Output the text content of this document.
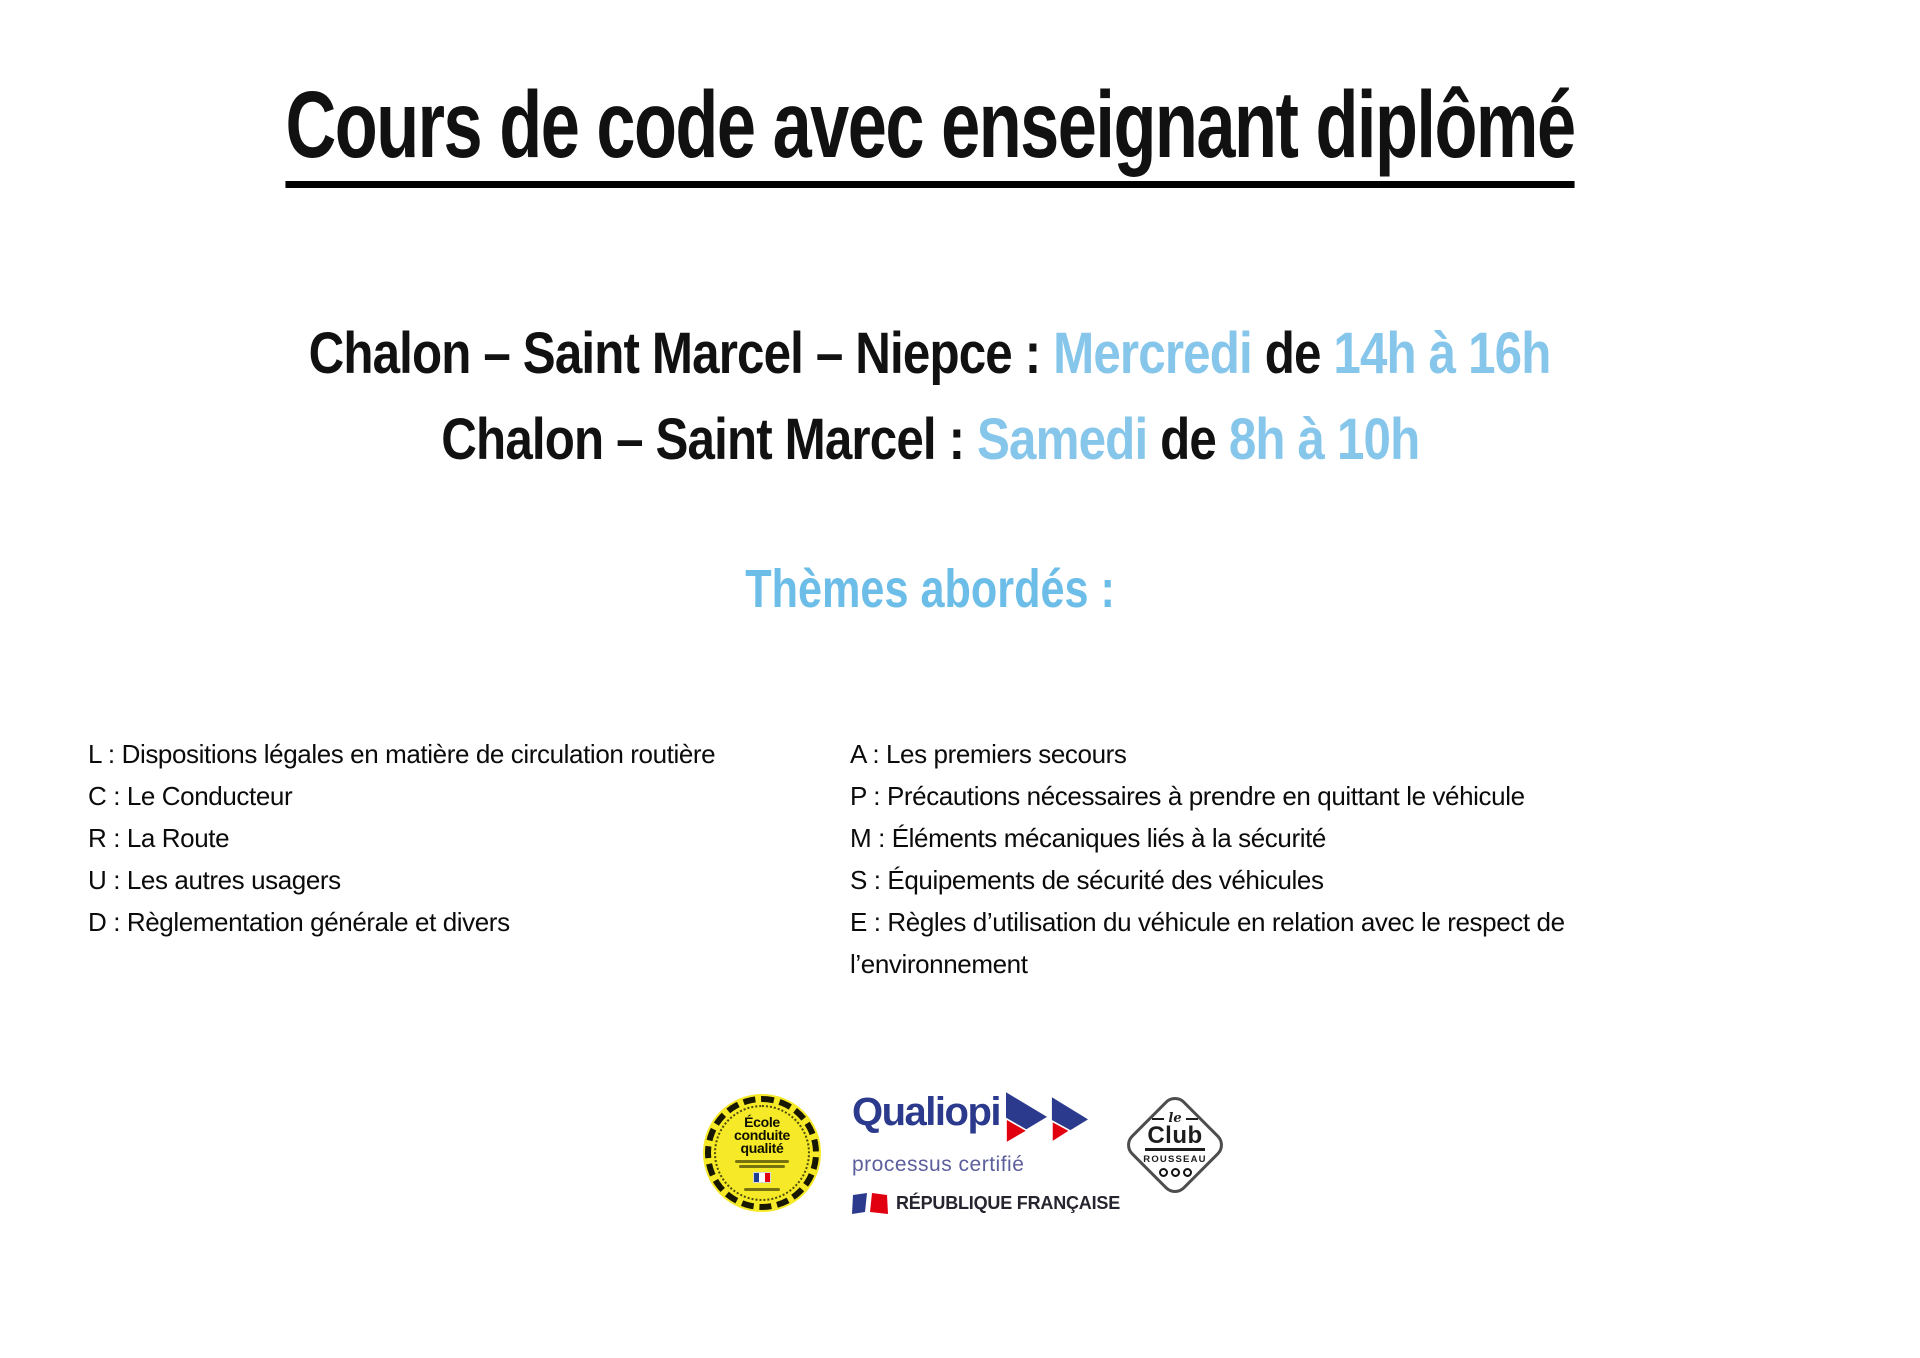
Cours de code avec enseignant diplômé
Chalon – Saint Marcel – Niepce : Mercredi de 14h à 16h
Chalon – Saint Marcel : Samedi de 8h à 10h
Thèmes abordés :
L : Dispositions légales en matière de circulation routière
C : Le Conducteur
R : La Route
U : Les autres usagers
D : Règlementation générale et divers
A : Les premiers secours
P : Précautions nécessaires à prendre en quittant le véhicule
M : Éléments mécaniques liés à la sécurité
S : Équipements de sécurité des véhicules
E : Règles d’utilisation du véhicule en relation avec le respect de l’environnement
École
conduite
qualité
Qualiopi
processus certifié
RÉPUBLIQUE FRANÇAISE
le
Club
ROUSSEAU
